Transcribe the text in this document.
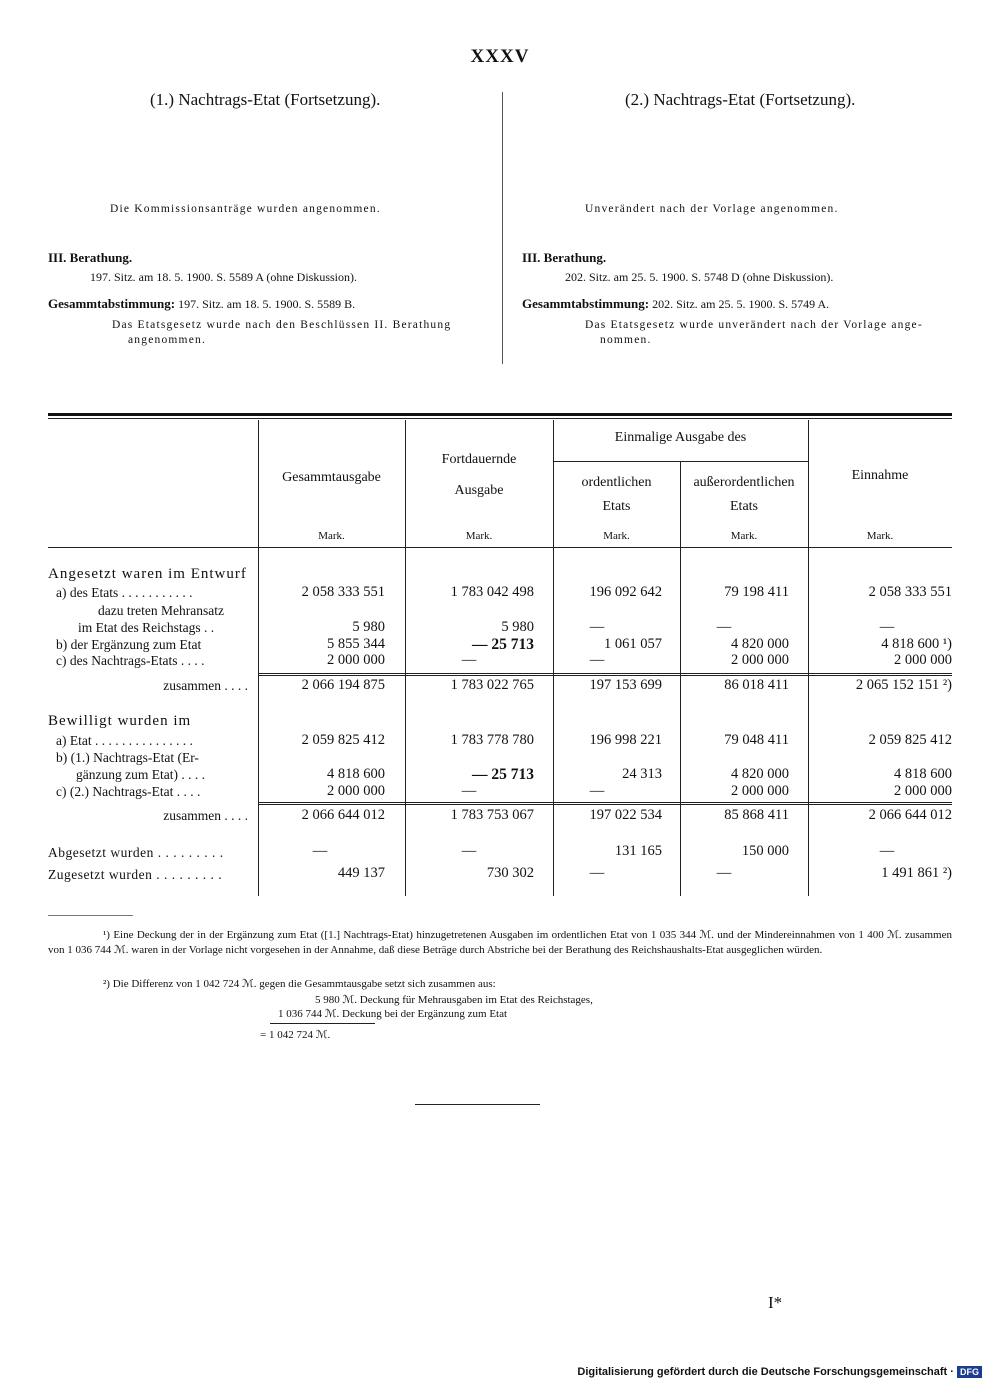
XXXV
(1.) Nachtrags-Etat (Fortsetzung).	(2.) Nachtrags-Etat (Fortsetzung).
Die Kommissionsanträge wurden angenommen.	Unverändert nach der Vorlage angenommen.
III. Berathung.
197. Sitz. am 18. 5. 1900. S. 5589 A (ohne Diskussion).
Gesammtabstimmung: 197. Sitz. am 18. 5. 1900. S. 5589 B.
Das Etatsgesetz wurde nach den Beschlüssen II. Berathung
angenommen.
III. Berathung.
202. Sitz. am 25. 5. 1900. S. 5748 D (ohne Diskussion).
Gesammtabstimmung: 202. Sitz. am 25. 5. 1900. S. 5749 A.
Das Etatsgesetz wurde unverändert nach der Vorlage ange-
nommen.
Gesammtausgabe
Fortdauernde
Ausgabe
Einmalige Ausgabe des
ordentlichen
Etats
außerordentlichen
Etats
Einnahme
Mark.	Mark.	Mark.	Mark.	Mark.
Angesetzt waren im Entwurf
a) des Etats . . . . . . . . . . .	2 058 333 551	1 783 042 498	196 092 642	79 198 411	2 058 333 551
dazu treten Mehransatz
im Etat des Reichstags . .	5 980	5 980	—	—	—
b) der Ergänzung zum Etat	5 855 344	— 25 713	1 061 057	4 820 000	4 818 600 ¹)
c) des Nachtrags-Etats . . . .	2 000 000	—	—	2 000 000	2 000 000
zusammen . . . .	2 066 194 875	1 783 022 765	197 153 699	86 018 411	2 065 152 151 ²)
Bewilligt wurden im
a) Etat . . . . . . . . . . . . . . .	2 059 825 412	1 783 778 780	196 998 221	79 048 411	2 059 825 412
b) (1.) Nachtrags-Etat (Er-
gänzung zum Etat) . . . .	4 818 600	— 25 713	24 313	4 820 000	4 818 600
c) (2.) Nachtrags-Etat . . . .	2 000 000	—	—	2 000 000	2 000 000
zusammen . . . .	2 066 644 012	1 783 753 067	197 022 534	85 868 411	2 066 644 012
Abgesetzt wurden . . . . . . . . .	—	—	131 165	150 000	—
Zugesetzt wurden . . . . . . . . .	449 137	730 302	—	—	1 491 861 ²)
¹) Eine Deckung der in der Ergänzung zum Etat ([1.] Nachtrags-Etat) hinzugetretenen Ausgaben im ordentlichen Etat von 1 035 344 ℳ. und der Mindereinnahmen von 1 400 ℳ. zusammen von 1 036 744 ℳ. waren in der Vorlage nicht vorgesehen in der Annahme, daß diese Beträge durch Abstriche bei der Berathung des Reichshaushalts-Etat ausgeglichen würden.
²) Die Differenz von 1 042 724 ℳ. gegen die Gesammtausgabe setzt sich zusammen aus:
5 980 ℳ. Deckung für Mehrausgaben im Etat des Reichstages,
1 036 744 ℳ. Deckung bei der Ergänzung zum Etat
= 1 042 724 ℳ.
I*
Digitalisierung gefördert durch die Deutsche Forschungsgemeinschaft · DFG
